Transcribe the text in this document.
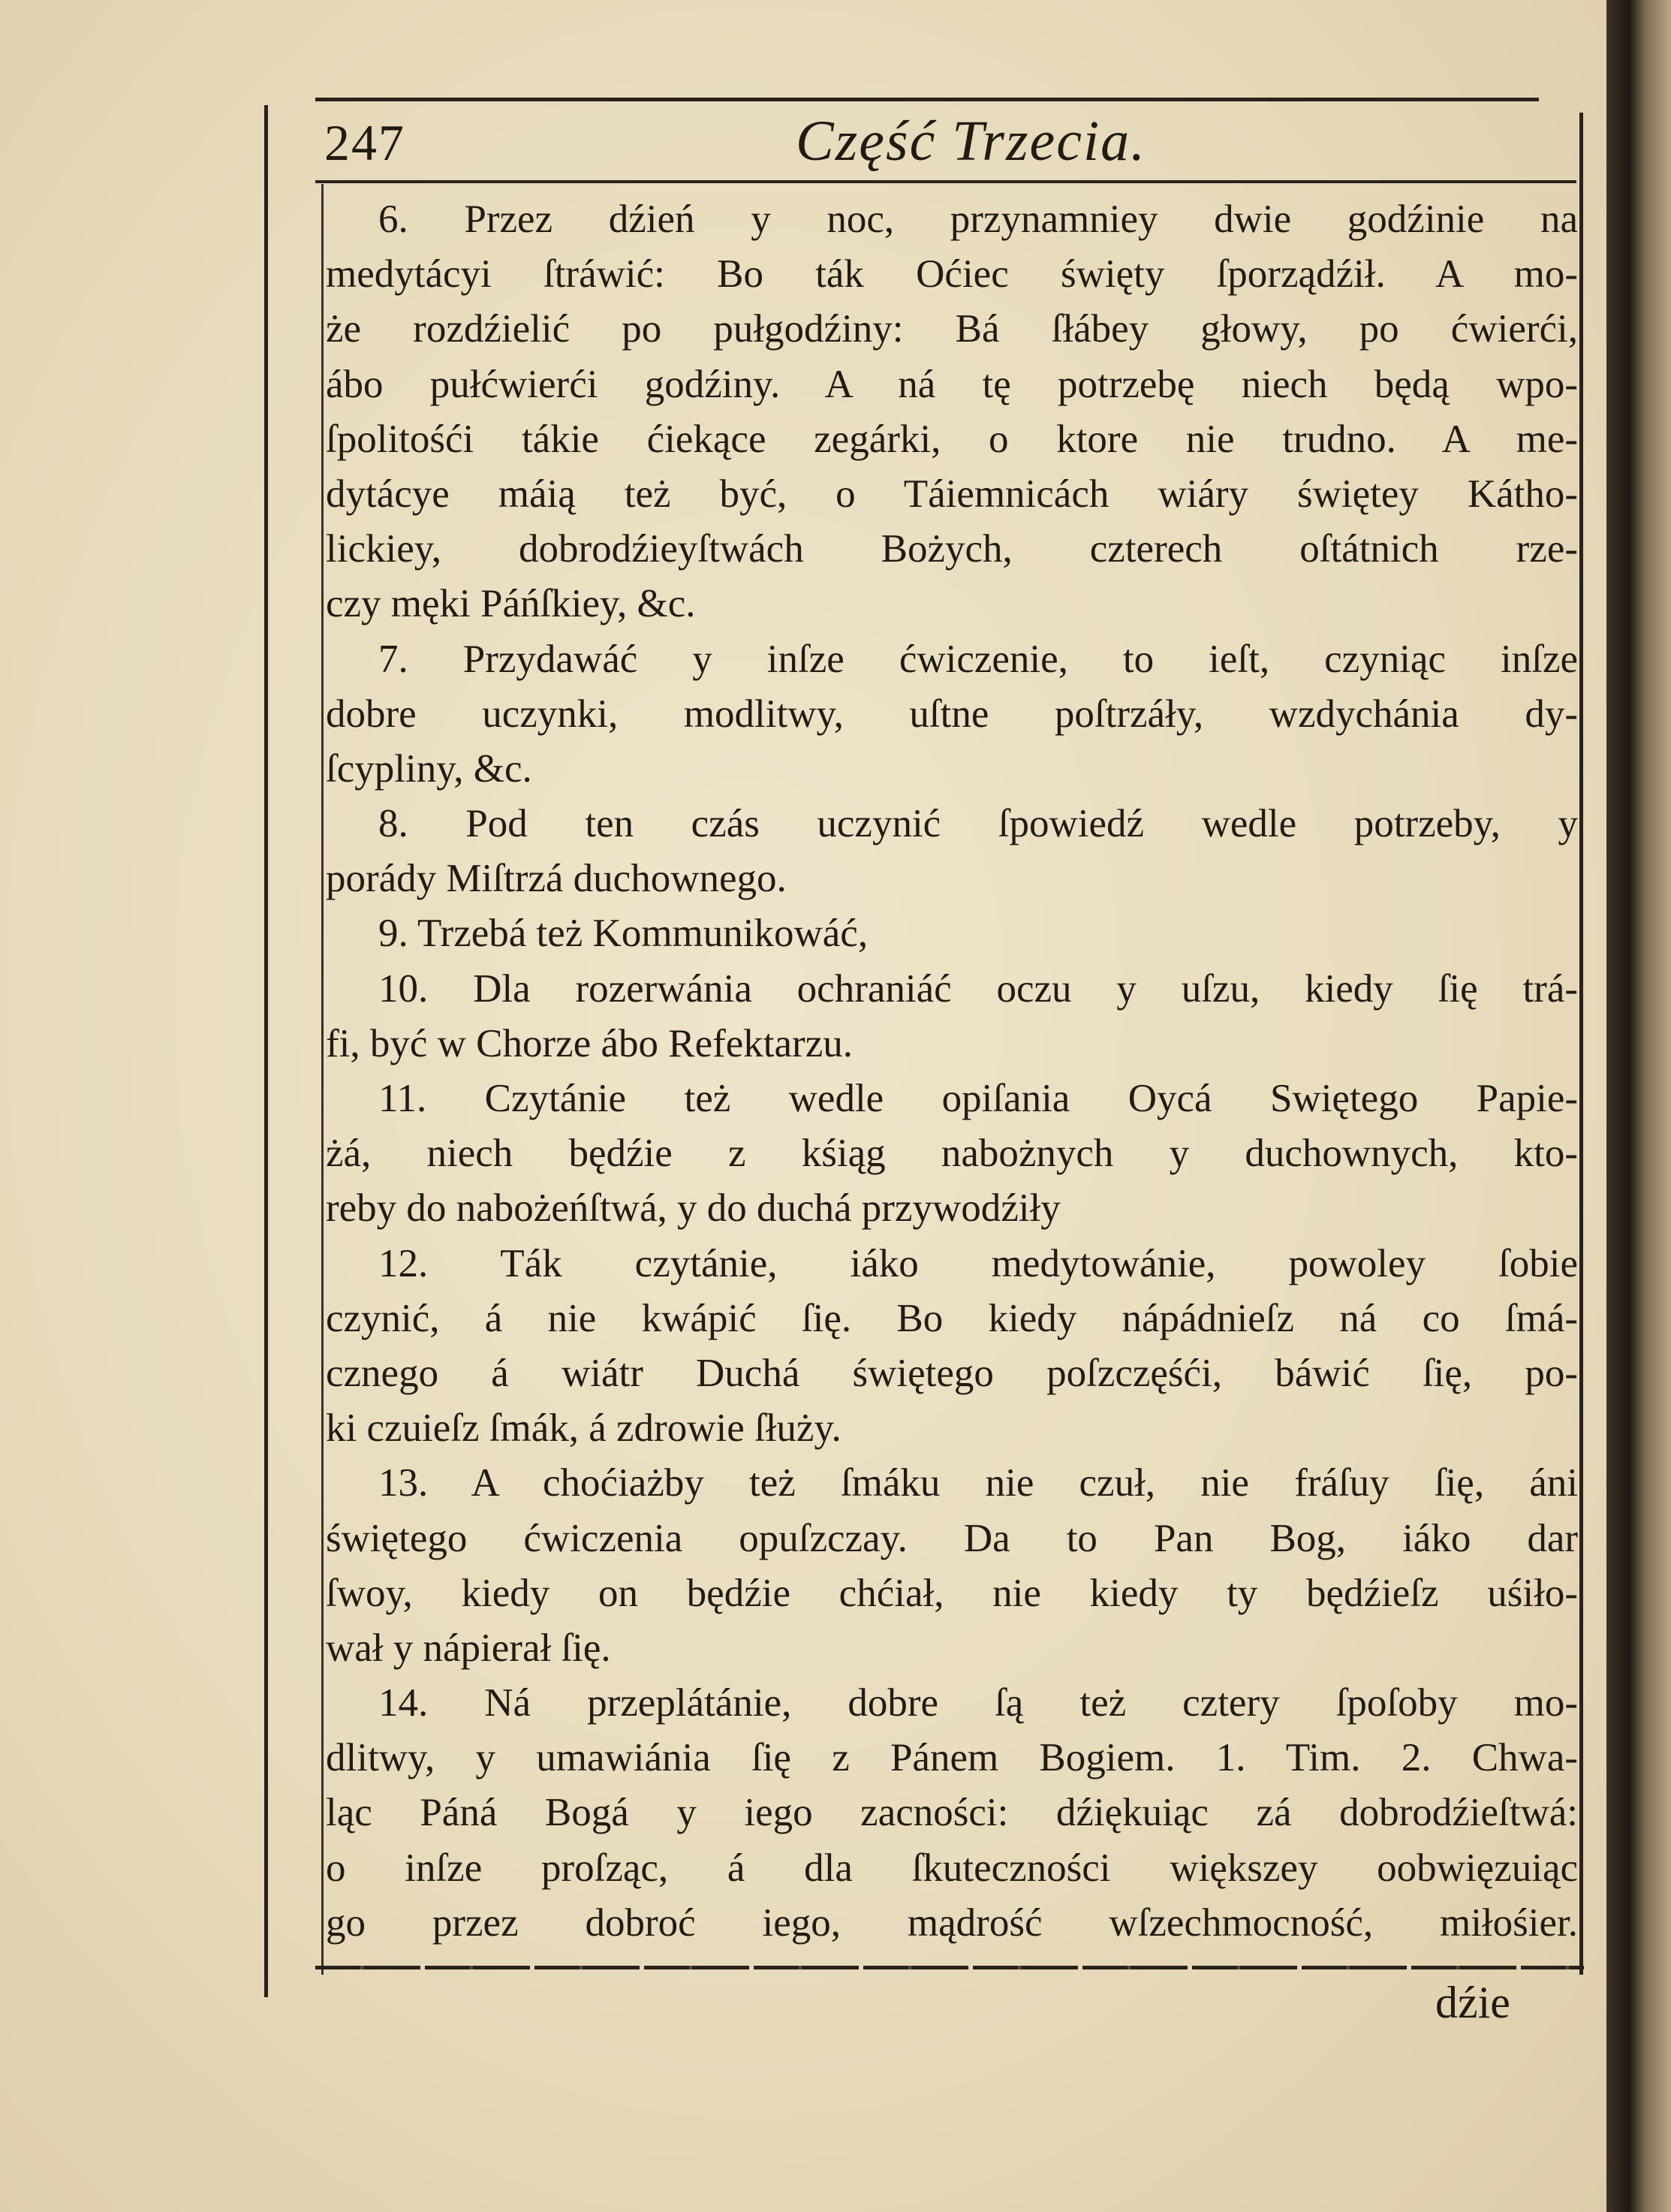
247	Część Trzecia.
6. Przez dźień y noc, przynamniey dwie godźinie na
medytácyi ſtráwić: Bo ták Oćiec święty ſporządźił. A mo-
że rozdźielić po pułgodźiny: Bá ſłábey głowy, po ćwierći,
ábo pułćwierći godźiny. A ná tę potrzebę niech będą wpo-
ſpolitośći tákie ćiekące zegárki, o ktore nie trudno. A me-
dytácye máią też być, o Táiemnicách wiáry świętey Kátho-
lickiey, dobrodźieyſtwách Bożych, czterech oſtátnich rze-
czy męki Páńſkiey, &c.
7. Przydawáć y inſze ćwiczenie, to ieſt, czyniąc inſze
dobre uczynki, modlitwy, uſtne poſtrzáły, wzdychánia dy-
ſcypliny, &c.
8. Pod ten czás uczynić ſpowiedź wedle potrzeby, y
porády Miſtrzá duchownego.
9. Trzebá też Kommunikowáć,
10. Dla rozerwánia ochraniáć oczu y uſzu, kiedy ſię trá-
fi, być w Chorze ábo Refektarzu.
11. Czytánie też wedle opiſania Oycá Swiętego Papie-
żá, niech będźie z kśiąg nabożnych y duchownych, kto-
reby do nabożeńſtwá, y do duchá przywodźiły
12. Ták czytánie, iáko medytowánie, powoley ſobie
czynić, á nie kwápić ſię. Bo kiedy nápádnieſz ná co ſmá-
cznego á wiátr Duchá świętego poſzczęśći, báwić ſię, po-
ki czuieſz ſmák, á zdrowie ſłuży.
13. A choćiażby też ſmáku nie czuł, nie fráſuy ſię, áni
świętego ćwiczenia opuſzczay. Da to Pan Bog, iáko dar
ſwoy, kiedy on będźie chćiał, nie kiedy ty będźieſz uśiło-
wał y nápierał ſię.
14. Ná przeplátánie, dobre ſą też cztery ſpoſoby mo-
dlitwy, y umawiánia ſię z Pánem Bogiem. 1. Tim. 2. Chwa-
ląc Páná Bogá y iego zacności: dźiękuiąc zá dobrodźieſtwá:
o inſze proſząc, á dla ſkuteczności większey oobwięzuiąc
go przez dobroć iego, mądrość wſzechmocność, miłośier.
dźie
